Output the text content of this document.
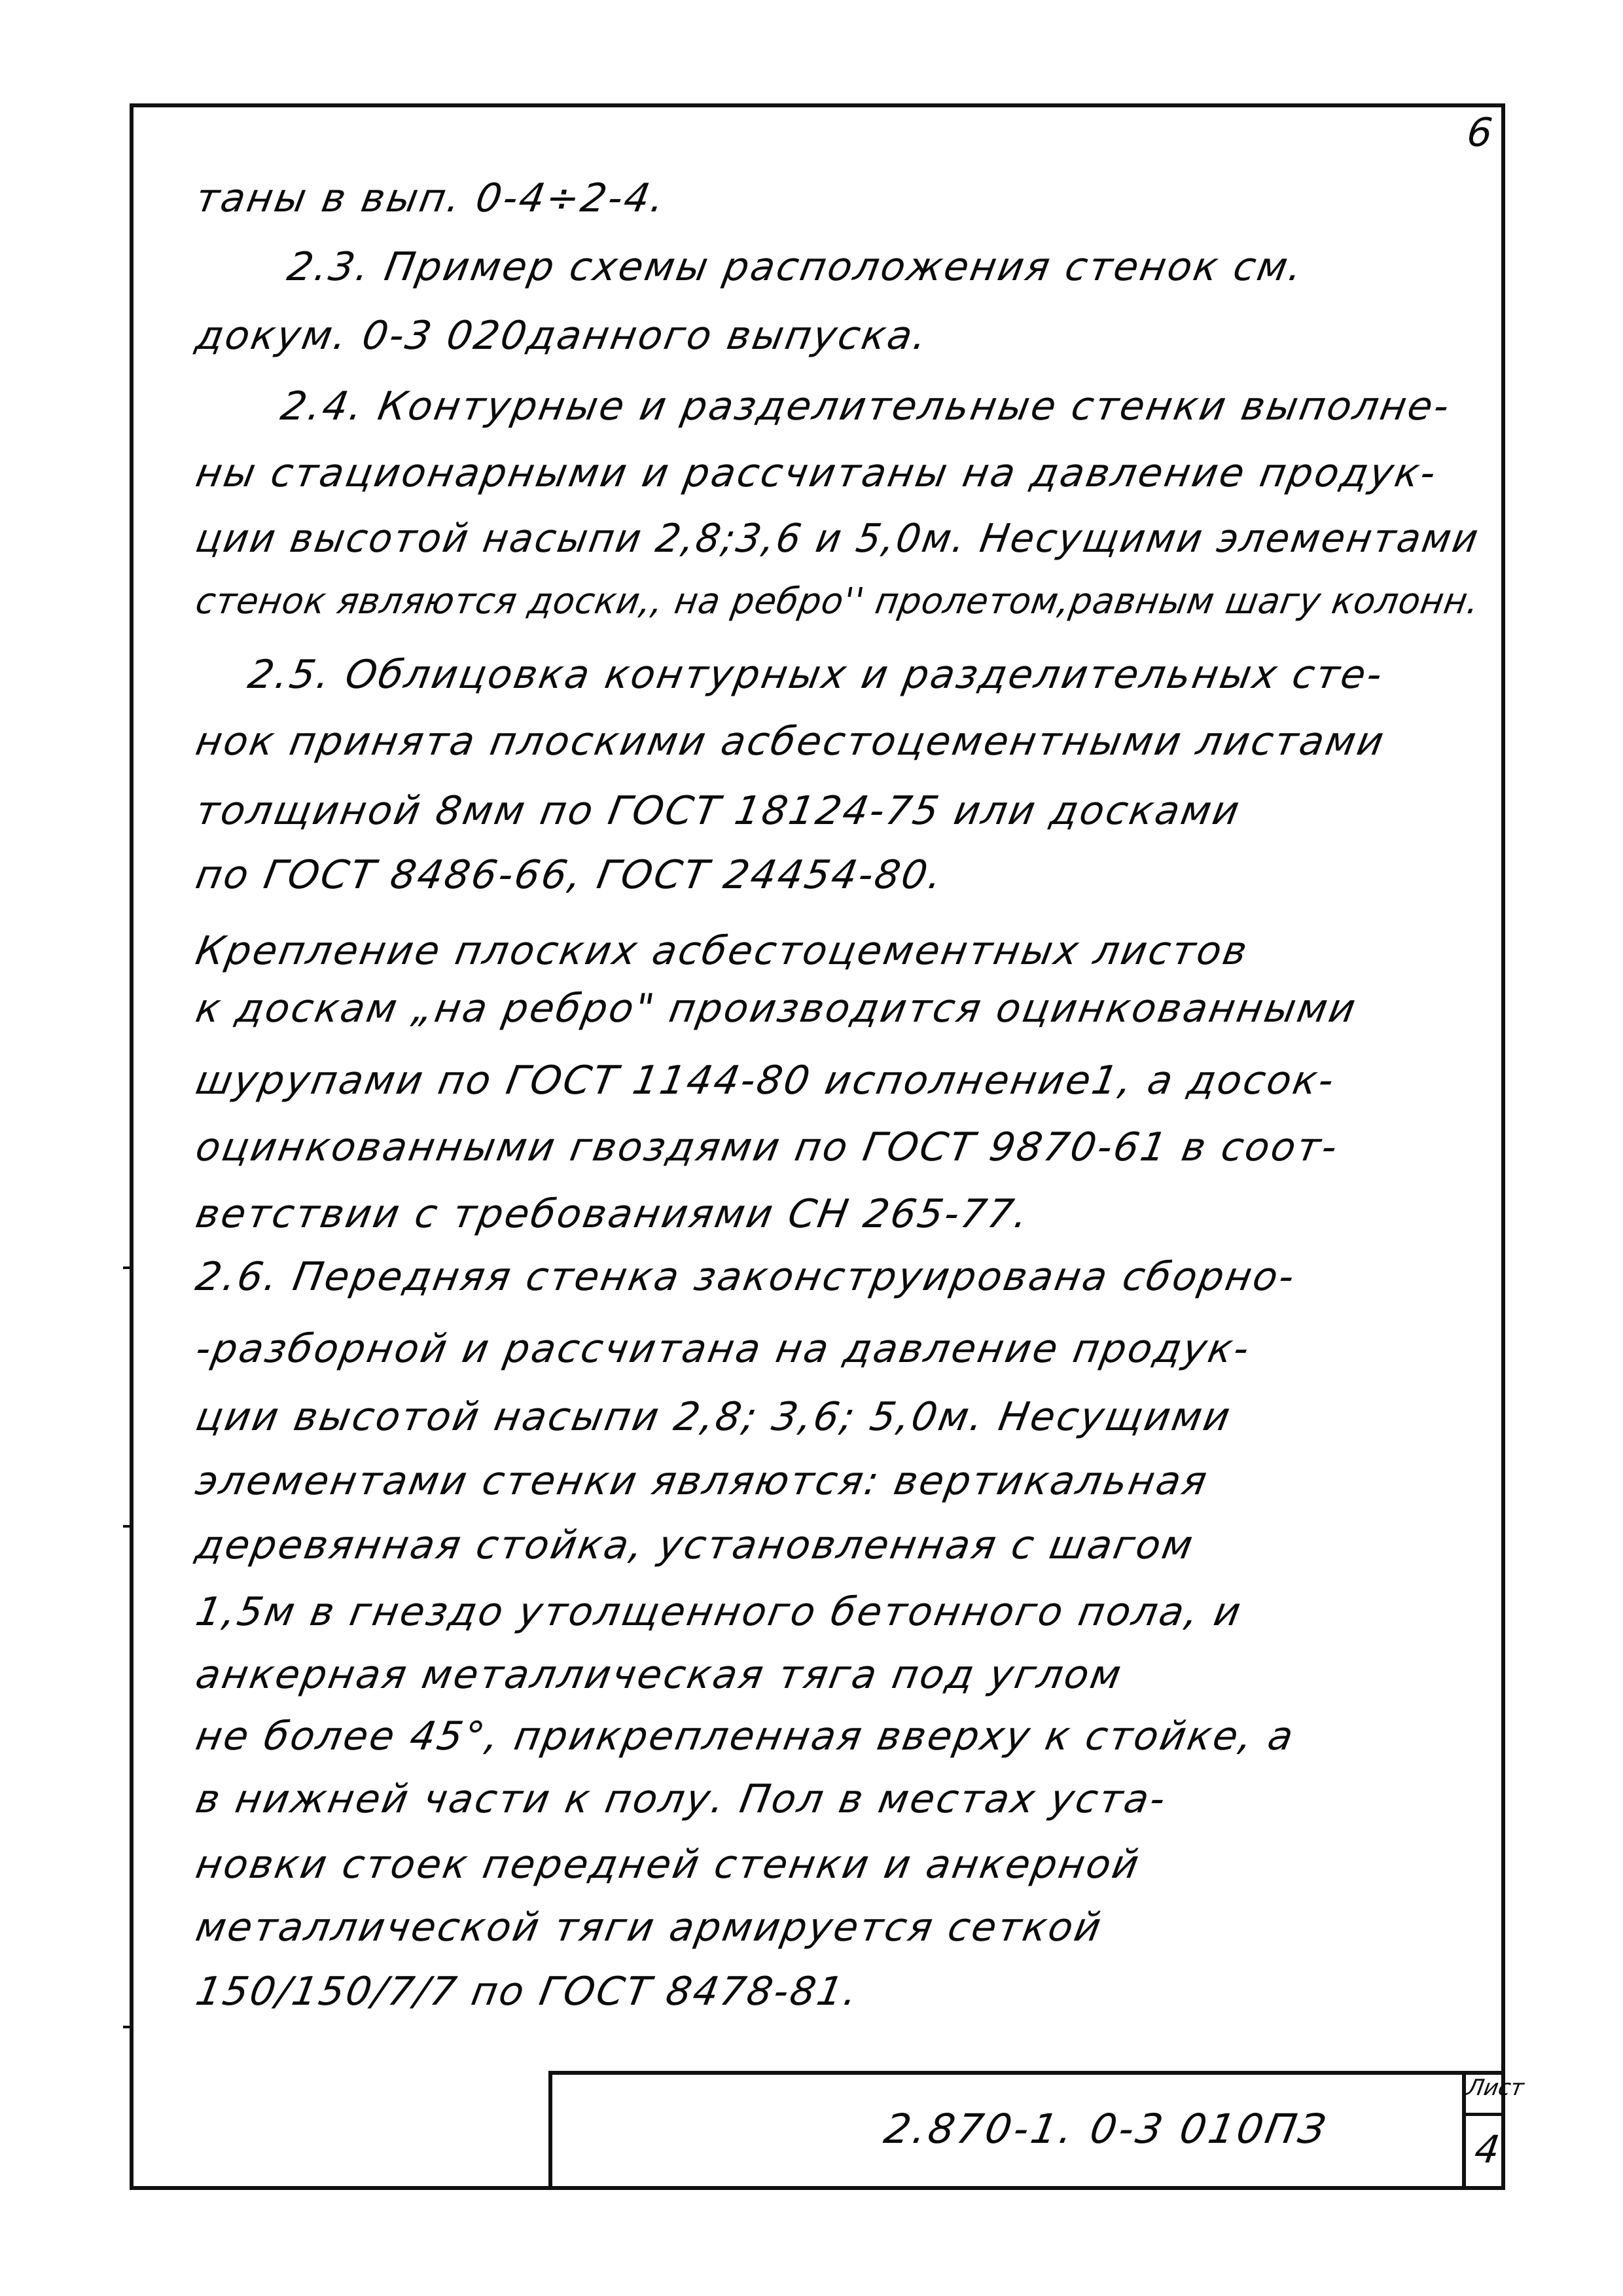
6
таны в вып. 0-4÷2-4.
2.3. Пример схемы расположения стенок см.
докум. 0-3 020данного выпуска.
2.4. Контурные и разделительные стенки выполне-
ны стационарными и рассчитаны на давление продук-
ции высотой насыпи 2,8;3,6 и 5,0м. Несущими элементами
стенок являются доски,, на ребро'' пролетом,равным шагу колонн.
2.5. Облицовка контурных и разделительных сте-
нок принята плоскими асбестоцементными листами
толщиной 8мм по ГОСТ 18124-75 или досками
по ГОСТ 8486-66, ГОСТ 24454-80.
Крепление плоских асбестоцементных листов
к доскам „на ребро" производится оцинкованными
шурупами по ГОСТ 1144-80 исполнение1, а досок-
оцинкованными гвоздями по ГОСТ 9870-61 в соот-
ветствии с требованиями СН 265-77.
2.6. Передняя стенка законструирована сборно-
-разборной и рассчитана на давление продук-
ции высотой насыпи 2,8; 3,6; 5,0м. Несущими
элементами стенки являются: вертикальная
деревянная стойка, установленная с шагом
1,5м в гнездо утолщенного бетонного пола, и
анкерная металлическая тяга под углом
не более 45°, прикрепленная вверху к стойке, а
в нижней части к полу. Пол в местах уста-
новки стоек передней стенки и анкерной
металлической тяги армируется сеткой
150/150/7/7 по ГОСТ 8478-81.
2.870-1. 0-3 010ПЗ
Лист
4
